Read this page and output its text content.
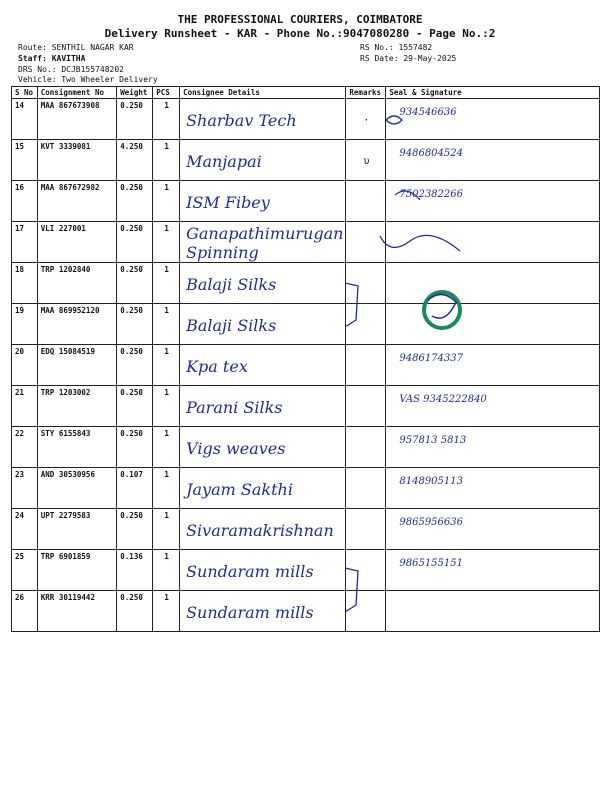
THE PROFESSIONAL COURIERS, COIMBATORE
Delivery Runsheet - KAR - Phone No.:9047080280 - Page No.:2
Route: SENTHIL NAGAR KAR
Staff: KAVITHA
DRS No.: DCJB155748202
Vehicle: Two Wheeler Delivery
RS No.: 1557482
RS Date: 29-May-2025
S No	Consignment No	Weight	PCS	Consignee Details	Remarks	Seal & Signature
14	MAA 867673908	0.250	1	Sharbav Tech	·	934546636

15	KVT 3339081	4.250	1	Manjapai	υ	9486804524

16	MAA 867672982	0.250	1	ISM Fibey		7502382266

17	VLI 227001	0.250	1	Ganapathimurugan Spinning		

18	TRP 1202840	0.250	1	Balaji Silks		

19	MAA 869952120	0.250	1	Balaji Silks		

20	EDQ 15084519	0.250	1	Kpa tex		9486174337

21	TRP 1203002	0.250	1	Parani Silks		VAS 9345222840

22	STY 6155843	0.250	1	Vigs weaves		957813 5813

23	AND 30530956	0.107	1	Jayam Sakthi		8148905113

24	UPT 2279583	0.250	1	Sivaramakrishnan		9865956636

25	TRP 6901859	0.136	1	Sundaram mills		9865155151

26	KRR 30119442	0.250	1	Sundaram mills		
